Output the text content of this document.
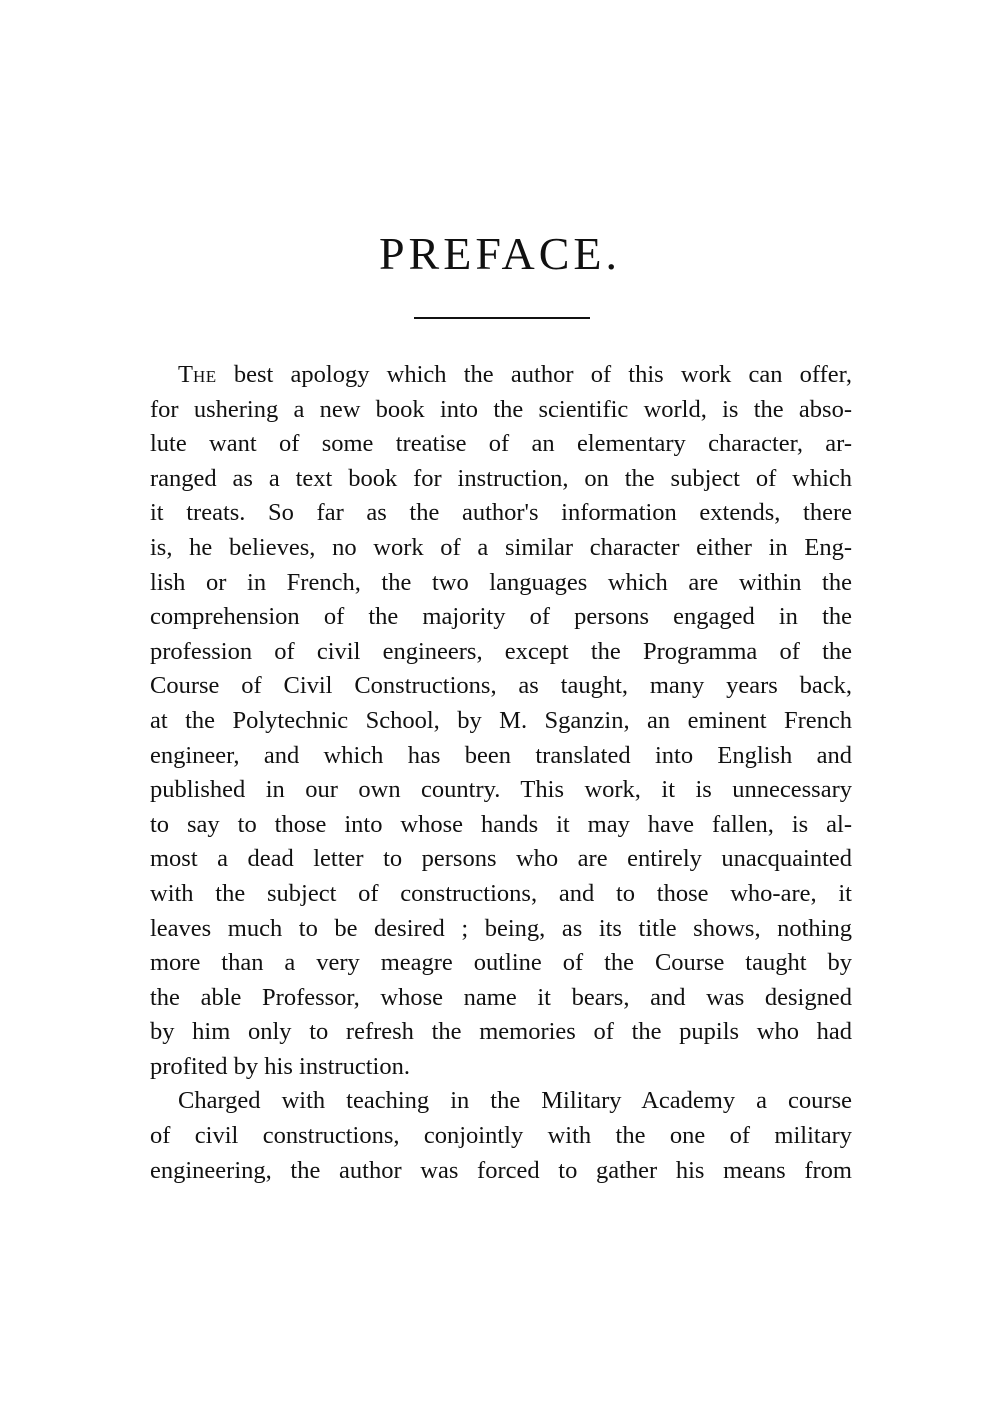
PREFACE.
THE best apology which the author of this work can offer,
for ushering a new book into the scientific world, is the abso-
lute want of some treatise of an elementary character, ar-
ranged as a text book for instruction, on the subject of which
it treats. So far as the author's information extends, there
is, he believes, no work of a similar character either in Eng-
lish or in French, the two languages which are within the
comprehension of the majority of persons engaged in the
profession of civil engineers, except the Programma of the
Course of Civil Constructions, as taught, many years back,
at the Polytechnic School, by M. Sganzin, an eminent French
engineer, and which has been translated into English and
published in our own country. This work, it is unnecessary
to say to those into whose hands it may have fallen, is al-
most a dead letter to persons who are entirely unacquainted
with the subject of constructions, and to those who-are, it
leaves much to be desired ; being, as its title shows, nothing
more than a very meagre outline of the Course taught by
the able Professor, whose name it bears, and was designed
by him only to refresh the memories of the pupils who had
profited by his instruction.
Charged with teaching in the Military Academy a course
of civil constructions, conjointly with the one of military
engineering, the author was forced to gather his means from
